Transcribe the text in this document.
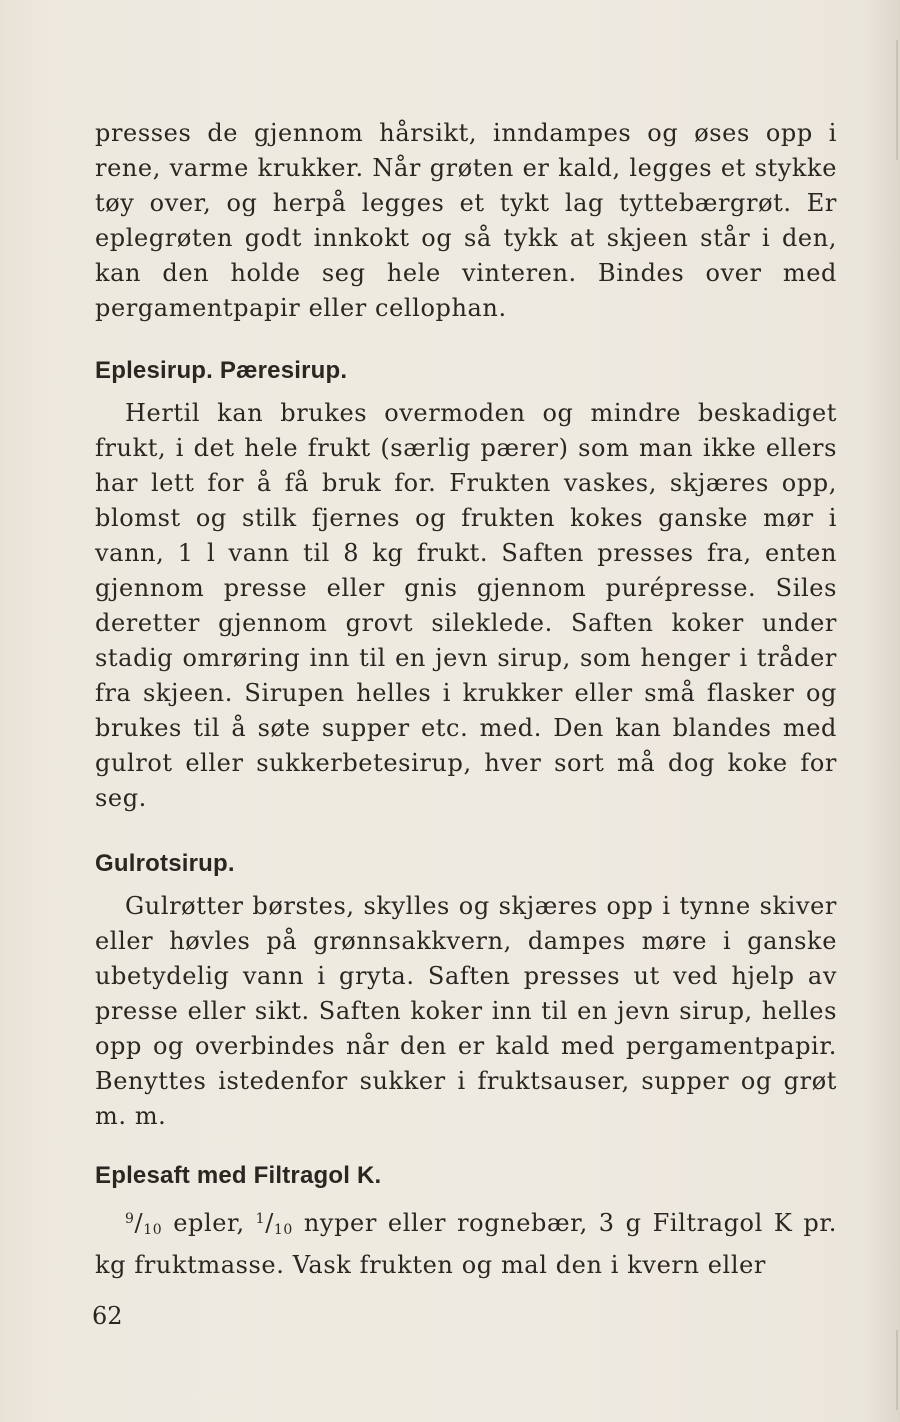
presses de gjennom hårsikt, inndampes og øses opp i rene, varme krukker. Når grøten er kald, legges et stykke tøy over, og herpå legges et tykt lag tyttebærgrøt. Er eplegrøten godt innkokt og så tykk at skjeen står i den, kan den holde seg hele vinteren. Bindes over med pergamentpapir eller cellophan.

Eplesirup. Pæresirup.

Hertil kan brukes overmoden og mindre beskadiget frukt, i det hele frukt (særlig pærer) som man ikke ellers har lett for å få bruk for. Frukten vaskes, skjæres opp, blomst og stilk fjernes og frukten kokes ganske mør i vann, 1 l vann til 8 kg frukt. Saften presses fra, enten gjennom presse eller gnis gjennom purépresse. Siles deretter gjennom grovt sileklede. Saften koker under stadig omrøring inn til en jevn sirup, som henger i tråder fra skjeen. Sirupen helles i krukker eller små flasker og brukes til å søte supper etc. med. Den kan blandes med gulrot eller sukkerbetesirup, hver sort må dog koke for seg.

Gulrotsirup.

Gulrøtter børstes, skylles og skjæres opp i tynne skiver eller høvles på grønnsakkvern, dampes møre i ganske ubetydelig vann i gryta. Saften presses ut ved hjelp av presse eller sikt. Saften koker inn til en jevn sirup, helles opp og overbindes når den er kald med pergamentpapir. Benyttes istedenfor sukker i fruktsauser, supper og grøt m. m.

Eplesaft med Filtragol K.

$^9/_{10}$ epler, $^1/_{10}$ nyper eller rognebær, 3 g Filtragol K pr. kg fruktmasse. Vask frukten og mal den i kvern eller

62
